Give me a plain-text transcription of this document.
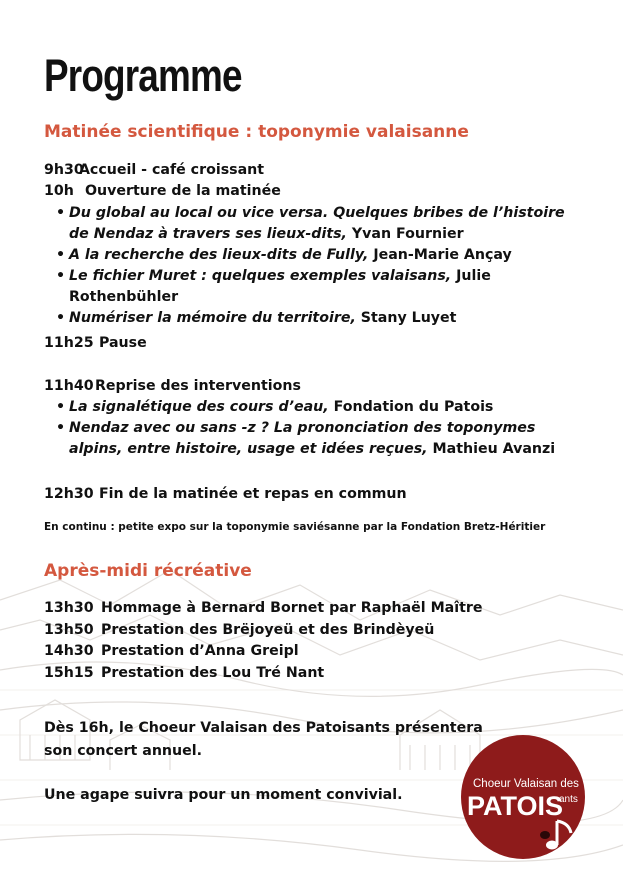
Programme
Matinée scientifique : toponymie valaisanne
9h30 Accueil - café croissant
10h Ouverture de la matinée
• Du global au local ou vice versa. Quelques bribes de l’histoire de Nendaz à travers ses lieux-dits, Yvan Fournier
• A la recherche des lieux-dits de Fully, Jean-Marie Ançay
• Le fichier Muret : quelques exemples valaisans, Julie Rothenbühler
• Numériser la mémoire du territoire, Stany Luyet
11h25 Pause
11h40 Reprise des interventions
• La signalétique des cours d’eau, Fondation du Patois
• Nendaz avec ou sans -z ? La prononciation des toponymes alpins, entre histoire, usage et idées reçues, Mathieu Avanzi
12h30 Fin de la matinée et repas en commun
En continu : petite expo sur la toponymie saviésanne par la Fondation Bretz-Héritier
Après-midi récréative
13h30 Hommage à Bernard Bornet par Raphaël Maître
13h50 Prestation des Brëjoyeü et des Brindèyeü
14h30 Prestation d’Anna Greipl
15h15 Prestation des Lou Tré Nant
Dès 16h, le Choeur Valaisan des Patoisants présentera son concert annuel.
Une agape suivra pour un moment convivial.
Choeur Valaisan des
PATOIS
ants
